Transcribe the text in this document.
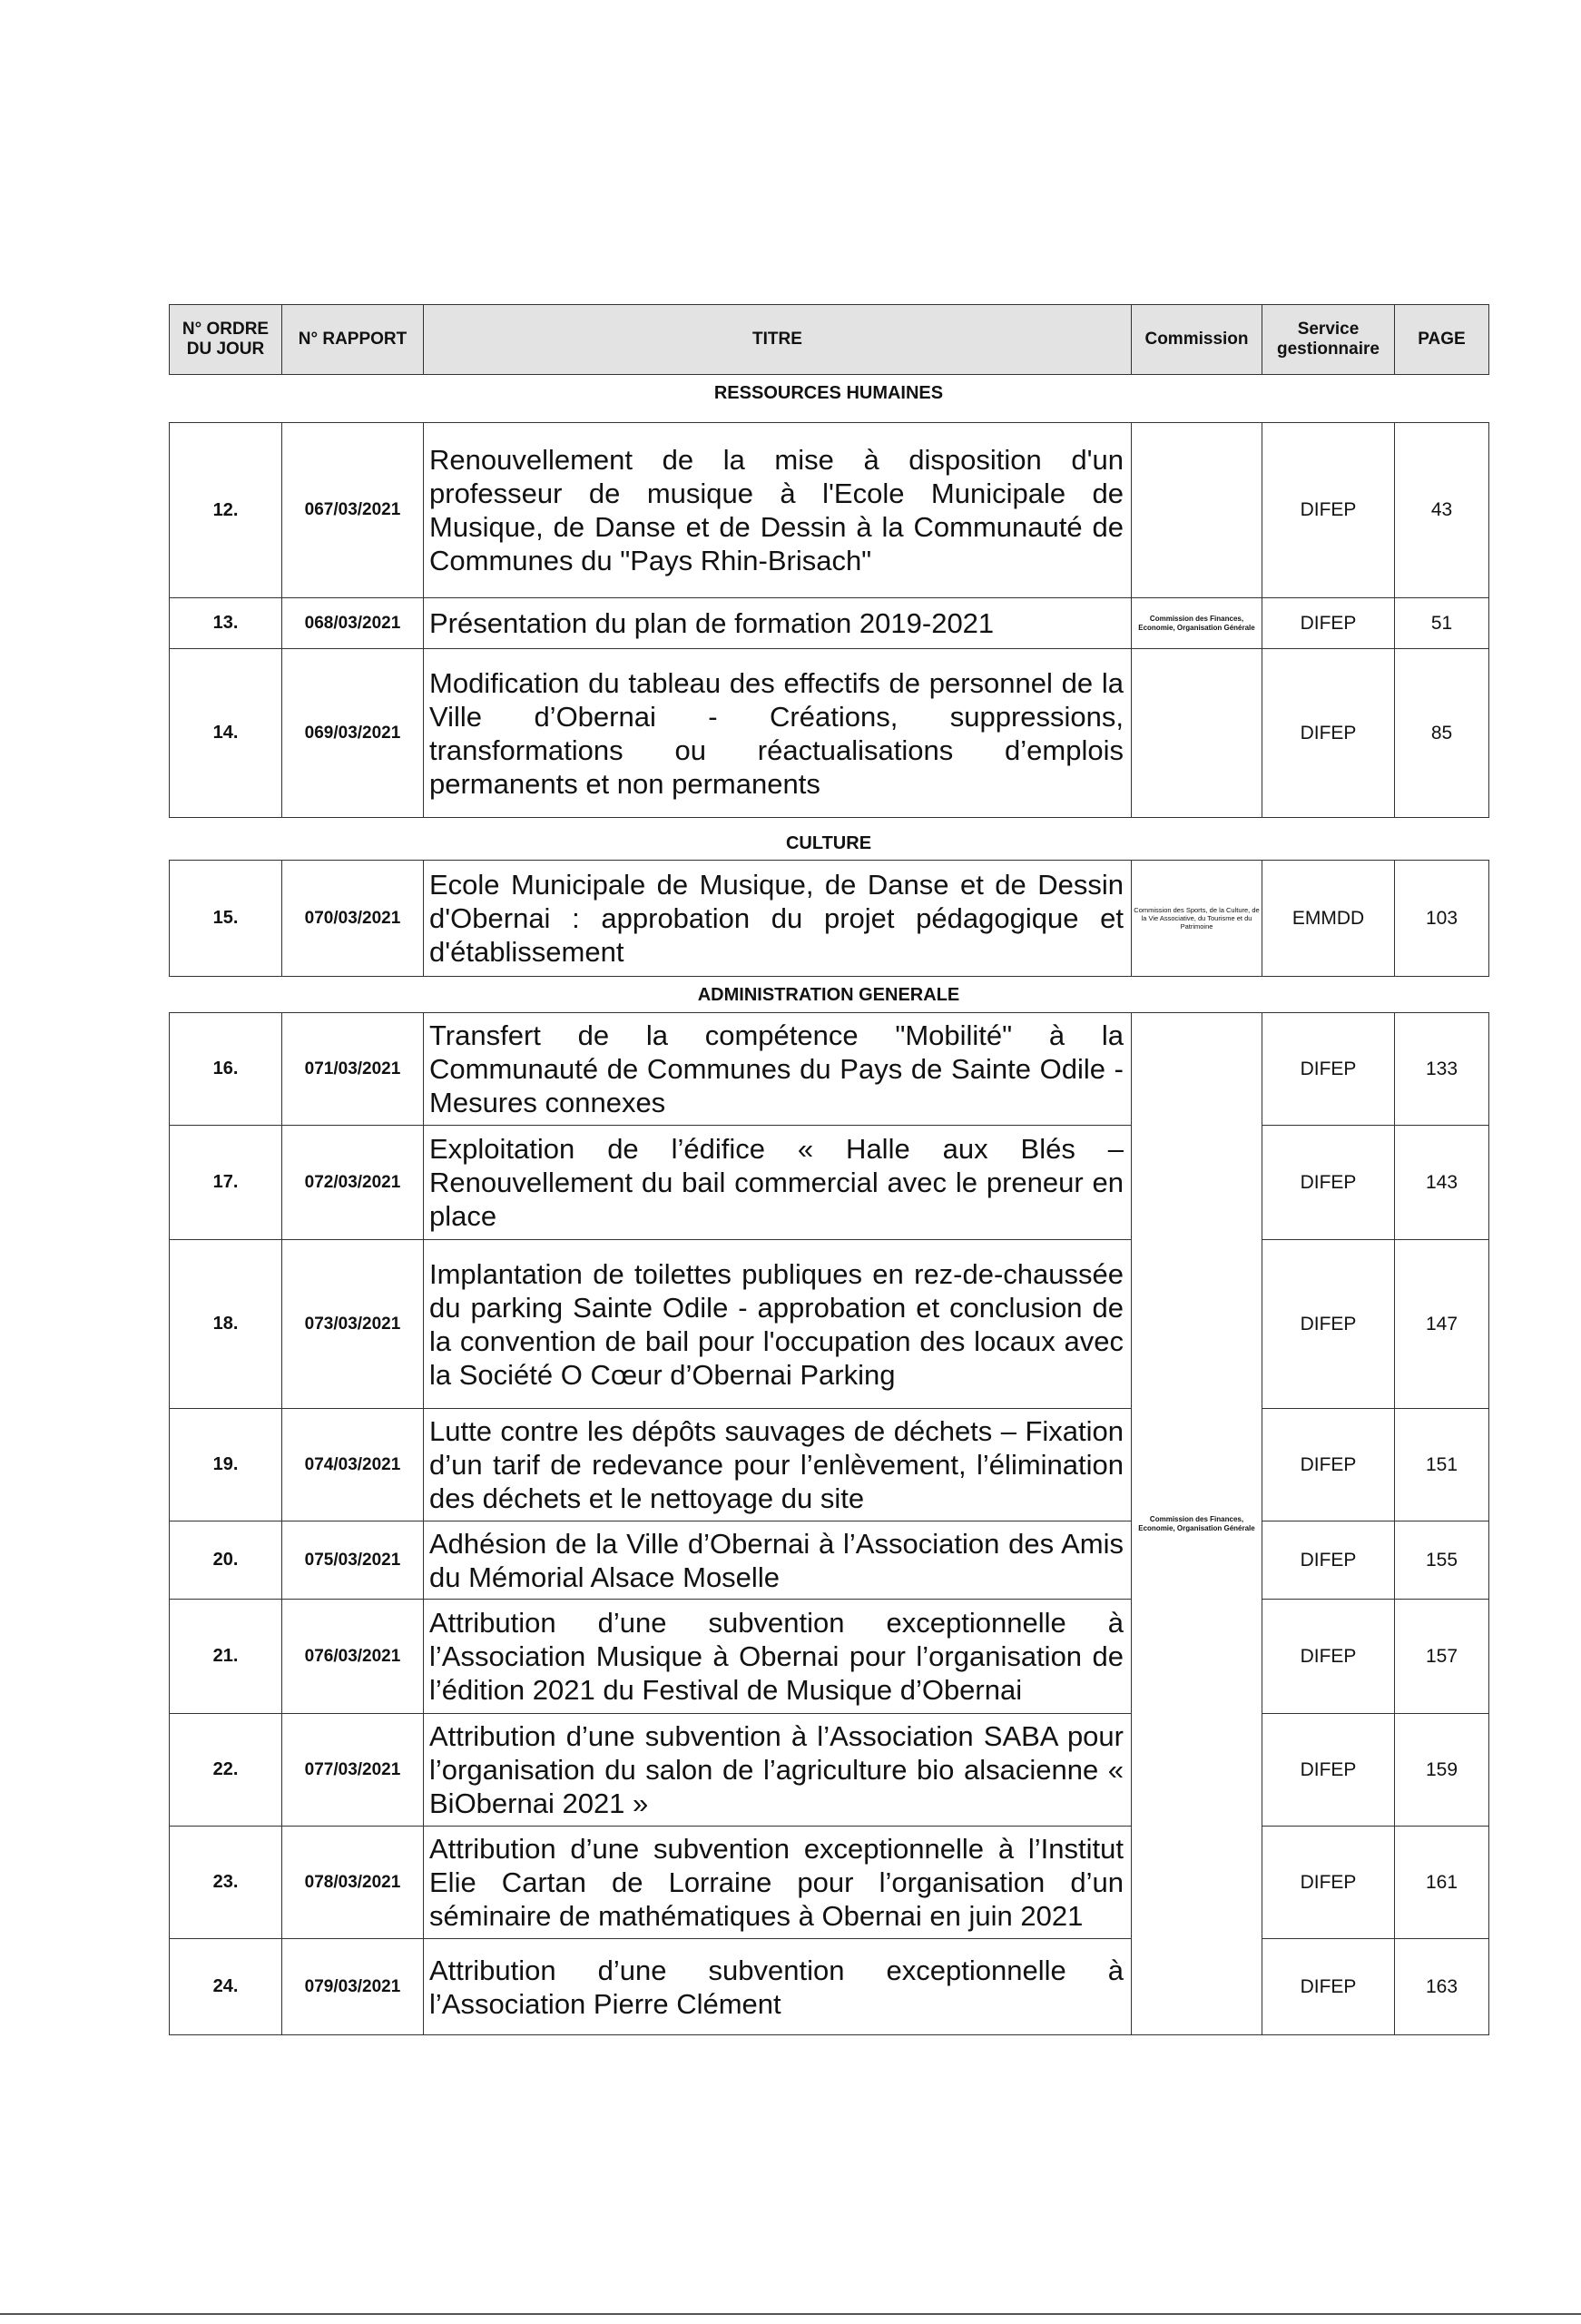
N° ORDRE DU JOUR	N° RAPPORT	TITRE	Commission	Service gestionnaire	PAGE
RESSOURCES HUMAINES
12.	067/03/2021	Renouvellement de la mise à disposition d'un professeur de musique à l'Ecole Municipale de Musique, de Danse et de Dessin à la Communauté de Communes du "Pays Rhin-Brisach"		DIFEP	43
13.	068/03/2021	Présentation du plan de formation 2019-2021	Commission des Finances, Economie, Organisation Générale	DIFEP	51
14.	069/03/2021	Modification du tableau des effectifs de personnel de la Ville d’Obernai - Créations, suppressions, transformations ou réactualisations d’emplois permanents et non permanents		DIFEP	85
CULTURE
15.	070/03/2021	Ecole Municipale de Musique, de Danse et de Dessin d'Obernai : approbation du projet pédagogique et d'établissement	Commission des Sports, de la Culture, de la Vie Associative, du Tourisme et du Patrimoine	EMMDD	103
ADMINISTRATION GENERALE
16.	071/03/2021	Transfert de la compétence "Mobilité" à la Communauté de Communes du Pays de Sainte Odile - Mesures connexes	Commission des Finances, Economie, Organisation Générale	DIFEP	133
17.	072/03/2021	Exploitation de l’édifice « Halle aux Blés – Renouvellement du bail commercial avec le preneur en place		DIFEP	143
18.	073/03/2021	Implantation de toilettes publiques en rez-de-chaussée du parking Sainte Odile - approbation et conclusion de la convention de bail pour l'occupation des locaux avec la Société O Cœur d’Obernai Parking		DIFEP	147
19.	074/03/2021	Lutte contre les dépôts sauvages de déchets – Fixation d’un tarif de redevance pour l’enlèvement, l’élimination des déchets et le nettoyage du site		DIFEP	151
20.	075/03/2021	Adhésion de la Ville d’Obernai à l’Association des Amis du Mémorial Alsace Moselle		DIFEP	155
21.	076/03/2021	Attribution d’une subvention exceptionnelle à l’Association Musique à Obernai pour l’organisation de l’édition 2021 du Festival de Musique d’Obernai		DIFEP	157
22.	077/03/2021	Attribution d’une subvention à l’Association SABA pour l’organisation du salon de l’agriculture bio alsacienne « BiObernai 2021 »		DIFEP	159
23.	078/03/2021	Attribution d’une subvention exceptionnelle à l’Institut Elie Cartan de Lorraine pour l’organisation d’un séminaire de mathématiques à Obernai en juin 2021		DIFEP	161
24.	079/03/2021	Attribution d’une subvention exceptionnelle à l’Association Pierre Clément		DIFEP	163
